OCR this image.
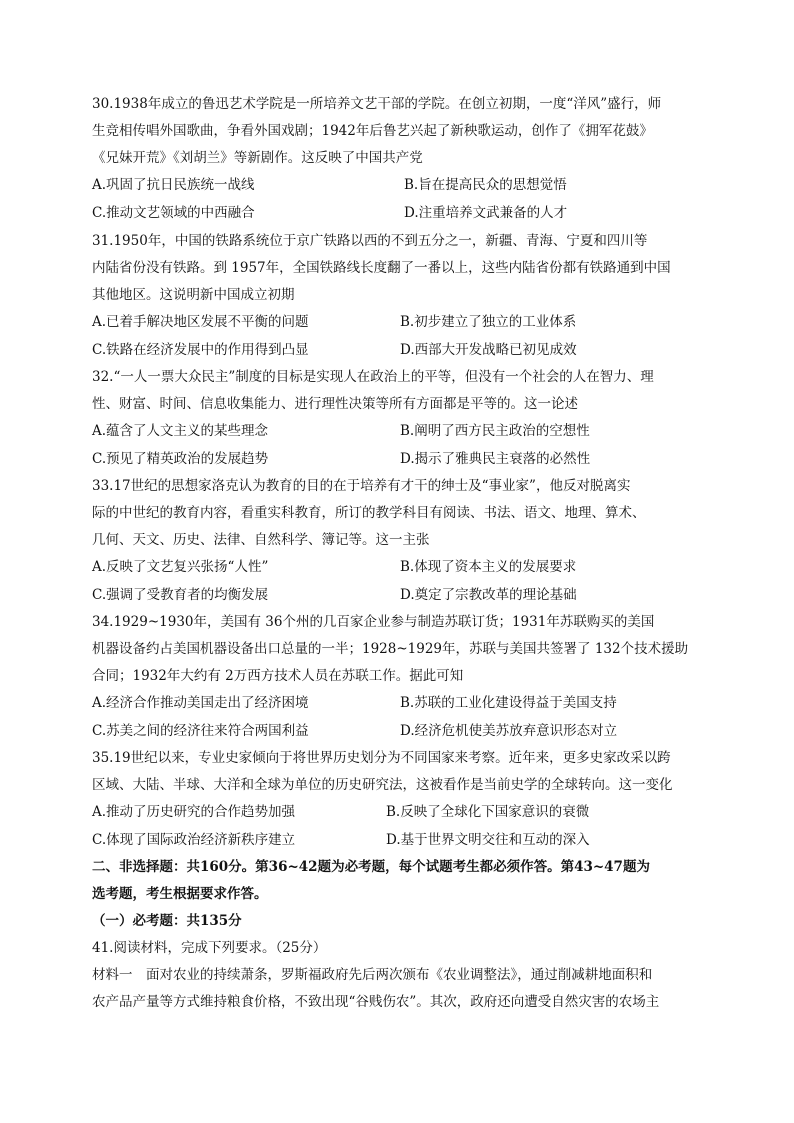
30.1938年成立的鲁迅艺术学院是一所培养文艺干部的学院。在创立初期，一度“洋风”盛行，师
生竞相传唱外国歌曲，争看外国戏剧；1942年后鲁艺兴起了新秧歌运动，创作了《拥军花鼓》
《兄妹开荒》《刘胡兰》等新剧作。这反映了中国共产党
A.巩固了抗日民族统一战线	B.旨在提高民众的思想觉悟
C.推动文艺领域的中西融合	D.注重培养文武兼备的人才
31.1950年，中国的铁路系统位于京广铁路以西的不到五分之一，新疆、青海、宁夏和四川等
内陆省份没有铁路。到 1957年，全国铁路线长度翻了一番以上，这些内陆省份都有铁路通到中国
其他地区。这说明新中国成立初期
A.已着手解决地区发展不平衡的问题	B.初步建立了独立的工业体系
C.铁路在经济发展中的作用得到凸显	D.西部大开发战略已初见成效
32.“一人一票大众民主”制度的目标是实现人在政治上的平等，但没有一个社会的人在智力、理
性、财富、时间、信息收集能力、进行理性决策等所有方面都是平等的。这一论述
A.蕴含了人文主义的某些理念	B.阐明了西方民主政治的空想性
C.预见了精英政治的发展趋势	D.揭示了雅典民主衰落的必然性
33.17世纪的思想家洛克认为教育的目的在于培养有才干的绅士及“事业家”，他反对脱离实
际的中世纪的教育内容，看重实科教育，所订的教学科目有阅读、书法、语文、地理、算术、
几何、天文、历史、法律、自然科学、簿记等。这一主张
A.反映了文艺复兴张扬“人性”	B.体现了资本主义的发展要求
C.强调了受教育者的均衡发展	D.奠定了宗教改革的理论基础
34.1929~1930年，美国有 36个州的几百家企业参与制造苏联订货；1931年苏联购买的美国
机器设备约占美国机器设备出口总量的一半；1928~1929年，苏联与美国共签署了 132个技术援助
合同；1932年大约有 2万西方技术人员在苏联工作。据此可知
A.经济合作推动美国走出了经济困境	B.苏联的工业化建设得益于美国支持
C.苏美之间的经济往来符合两国利益	D.经济危机使美苏放弃意识形态对立
35.19世纪以来，专业史家倾向于将世界历史划分为不同国家来考察。近年来，更多史家改采以跨
区域、大陆、半球、大洋和全球为单位的历史研究法，这被看作是当前史学的全球转向。这一变化
A.推动了历史研究的合作趋势加强	B.反映了全球化下国家意识的衰微
C.体现了国际政治经济新秩序建立	D.基于世界文明交往和互动的深入
二、非选择题：共160分。第36~42题为必考题，每个试题考生都必须作答。第43~47题为
选考题，考生根据要求作答。
（一）必考题：共135分
41.阅读材料，完成下列要求。（25分）
材料一　面对农业的持续萧条，罗斯福政府先后两次颁布《农业调整法》，通过削减耕地面积和
农产品产量等方式维持粮食价格，不致出现“谷贱伤农”。其次，政府还向遭受自然灾害的农场主
